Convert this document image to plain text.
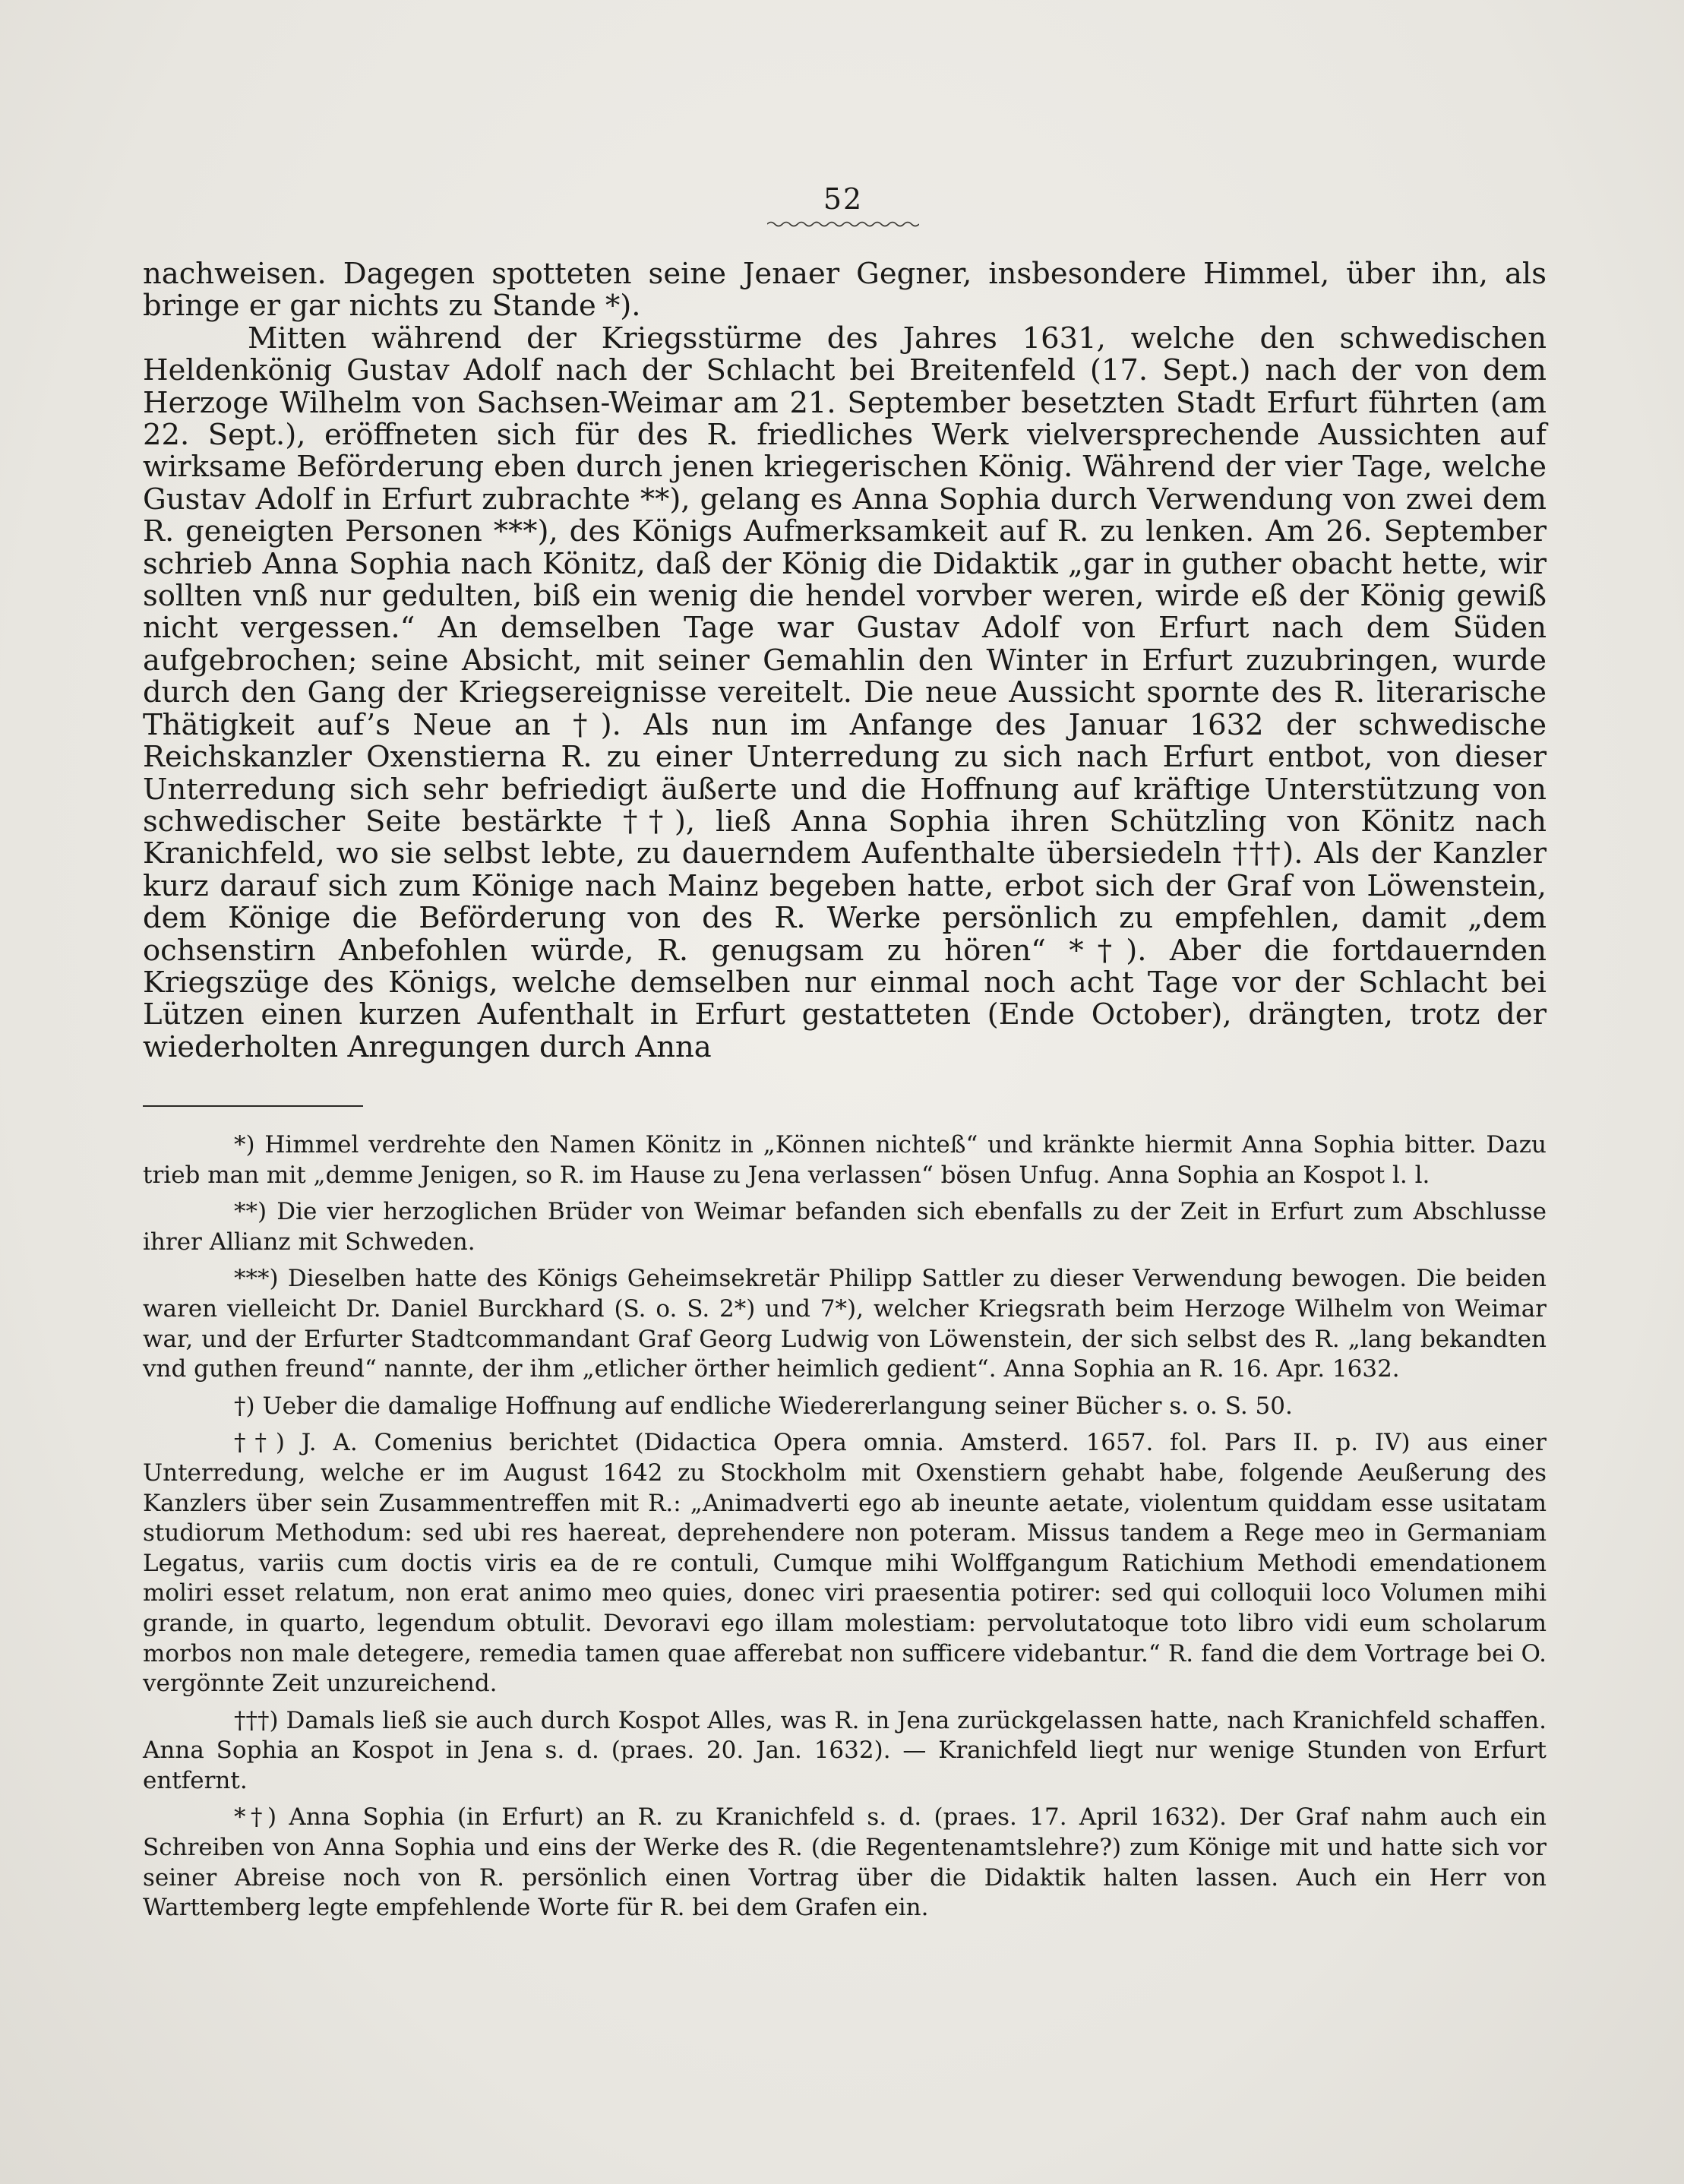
52

nachweisen. Dagegen spotteten seine Jenaer Gegner, insbesondere Himmel, über ihn, als bringe er gar nichts zu Stande *).

Mitten während der Kriegsstürme des Jahres 1631, welche den schwedischen Heldenkönig Gustav Adolf nach der Schlacht bei Breitenfeld (17. Sept.) nach der von dem Herzoge Wilhelm von Sachsen-Weimar am 21. September besetzten Stadt Erfurt führten (am 22. Sept.), eröffneten sich für des R. friedliches Werk vielversprechende Aussichten auf wirksame Beförderung eben durch jenen kriegerischen König. Während der vier Tage, welche Gustav Adolf in Erfurt zubrachte **), gelang es Anna Sophia durch Verwendung von zwei dem R. geneigten Personen ***), des Königs Aufmerksamkeit auf R. zu lenken. Am 26. September schrieb Anna Sophia nach Könitz, daß der König die Didaktik „gar in guther obacht hette, wir sollten vnß nur gedulten, biß ein wenig die hendel vorvber weren, wirde eß der König gewiß nicht vergessen.“ An demselben Tage war Gustav Adolf von Erfurt nach dem Süden aufgebrochen; seine Absicht, mit seiner Gemahlin den Winter in Erfurt zuzubringen, wurde durch den Gang der Kriegsereignisse vereitelt. Die neue Aussicht spornte des R. literarische Thätigkeit auf’s Neue an †). Als nun im Anfange des Januar 1632 der schwedische Reichskanzler Oxenstierna R. zu einer Unterredung zu sich nach Erfurt entbot, von dieser Unterredung sich sehr befriedigt äußerte und die Hoffnung auf kräftige Unterstützung von schwedischer Seite bestärkte ††), ließ Anna Sophia ihren Schützling von Könitz nach Kranichfeld, wo sie selbst lebte, zu dauerndem Aufenthalte übersiedeln †††). Als der Kanzler kurz darauf sich zum Könige nach Mainz begeben hatte, erbot sich der Graf von Löwenstein, dem Könige die Beförderung von des R. Werke persönlich zu empfehlen, damit „dem ochsenstirn Anbefohlen würde, R. genugsam zu hören“ *†). Aber die fortdauernden Kriegszüge des Königs, welche demselben nur einmal noch acht Tage vor der Schlacht bei Lützen einen kurzen Aufenthalt in Erfurt gestatteten (Ende October), drängten, trotz der wiederholten Anregungen durch Anna

*) Himmel verdrehte den Namen Könitz in „Können nichteß“ und kränkte hiermit Anna Sophia bitter. Dazu trieb man mit „demme Jenigen, so R. im Hause zu Jena verlassen“ bösen Unfug. Anna Sophia an Kospot l. l.

**) Die vier herzoglichen Brüder von Weimar befanden sich ebenfalls zu der Zeit in Erfurt zum Abschlusse ihrer Allianz mit Schweden.

***) Dieselben hatte des Königs Geheimsekretär Philipp Sattler zu dieser Verwendung bewogen. Die beiden waren vielleicht Dr. Daniel Burckhard (S. o. S. 2*) und 7*), welcher Kriegsrath beim Herzoge Wilhelm von Weimar war, und der Erfurter Stadtcommandant Graf Georg Ludwig von Löwenstein, der sich selbst des R. „lang bekandten vnd guthen freund“ nannte, der ihm „etlicher örther heimlich gedient“. Anna Sophia an R. 16. Apr. 1632.

†) Ueber die damalige Hoffnung auf endliche Wiedererlangung seiner Bücher s. o. S. 50.

††) J. A. Comenius berichtet (Didactica Opera omnia. Amsterd. 1657. fol. Pars II. p. IV) aus einer Unterredung, welche er im August 1642 zu Stockholm mit Oxenstiern gehabt habe, folgende Aeußerung des Kanzlers über sein Zusammentreffen mit R.: „Animadverti ego ab ineunte aetate, violentum quiddam esse usitatam studiorum Methodum: sed ubi res haereat, deprehendere non poteram. Missus tandem a Rege meo in Germaniam Legatus, variis cum doctis viris ea de re contuli, Cumque mihi Wolffgangum Ratichium Methodi emendationem moliri esset relatum, non erat animo meo quies, donec viri praesentia potirer: sed qui colloquii loco Volumen mihi grande, in quarto, legendum obtulit. Devoravi ego illam molestiam: pervolutatoque toto libro vidi eum scholarum morbos non male detegere, remedia tamen quae afferebat non sufficere videbantur.“ R. fand die dem Vortrage bei O. vergönnte Zeit unzureichend.

†††) Damals ließ sie auch durch Kospot Alles, was R. in Jena zurückgelassen hatte, nach Kranichfeld schaffen. Anna Sophia an Kospot in Jena s. d. (praes. 20. Jan. 1632). — Kranichfeld liegt nur wenige Stunden von Erfurt entfernt.

*†) Anna Sophia (in Erfurt) an R. zu Kranichfeld s. d. (praes. 17. April 1632). Der Graf nahm auch ein Schreiben von Anna Sophia und eins der Werke des R. (die Regentenamtslehre?) zum Könige mit und hatte sich vor seiner Abreise noch von R. persönlich einen Vortrag über die Didaktik halten lassen. Auch ein Herr von Warttemberg legte empfehlende Worte für R. bei dem Grafen ein.
